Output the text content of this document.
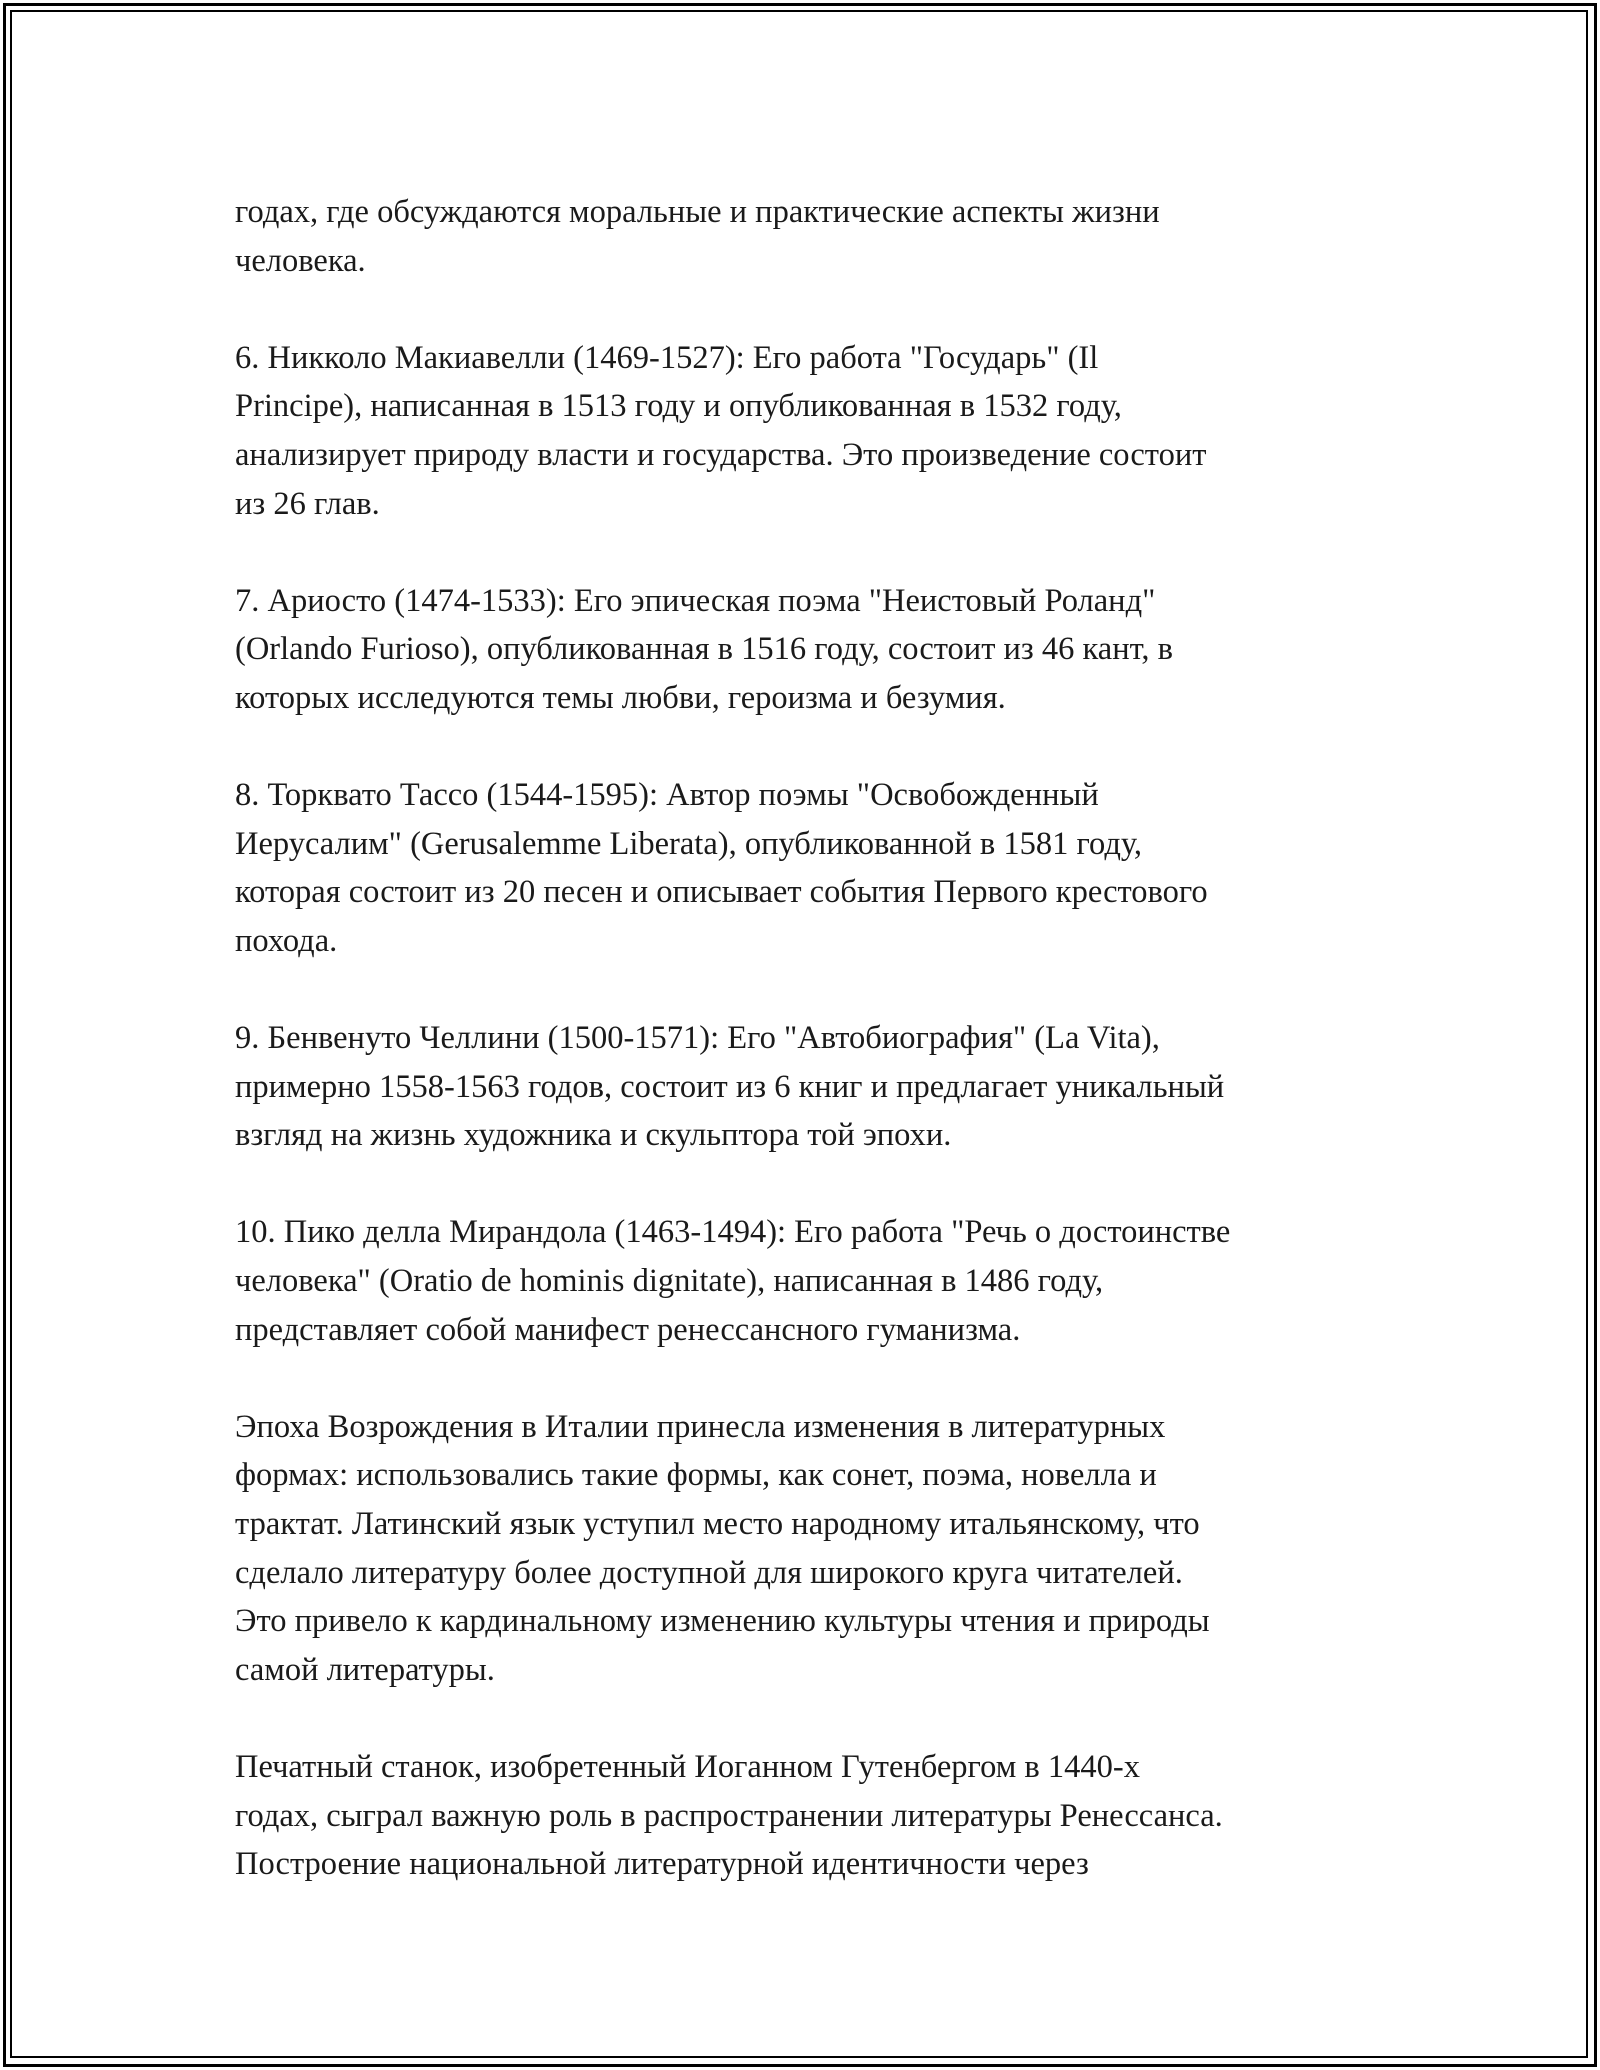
годах, где обсуждаются моральные и практические аспекты жизни
человека.

6. Никколо Макиавелли (1469-1527): Его работа "Государь" (Il
Principe), написанная в 1513 году и опубликованная в 1532 году,
анализирует природу власти и государства. Это произведение состоит
из 26 глав.

7. Ариосто (1474-1533): Его эпическая поэма "Неистовый Роланд"
(Orlando Furioso), опубликованная в 1516 году, состоит из 46 кант, в
которых исследуются темы любви, героизма и безумия.

8. Торквато Тассо (1544-1595): Автор поэмы "Освобожденный
Иерусалим" (Gerusalemme Liberata), опубликованной в 1581 году,
которая состоит из 20 песен и описывает события Первого крестового
похода.

9. Бенвенуто Челлини (1500-1571): Его "Автобиография" (La Vita),
примерно 1558-1563 годов, состоит из 6 книг и предлагает уникальный
взгляд на жизнь художника и скульптора той эпохи.

10. Пико делла Мирандола (1463-1494): Его работа "Речь о достоинстве
человека" (Oratio de hominis dignitate), написанная в 1486 году,
представляет собой манифест ренессансного гуманизма.

Эпоха Возрождения в Италии принесла изменения в литературных
формах: использовались такие формы, как сонет, поэма, новелла и
трактат. Латинский язык уступил место народному итальянскому, что
сделало литературу более доступной для широкого круга читателей.
Это привело к кардинальному изменению культуры чтения и природы
самой литературы.

Печатный станок, изобретенный Иоганном Гутенбергом в 1440-х
годах, сыграл важную роль в распространении литературы Ренессанса.
Построение национальной литературной идентичности через
